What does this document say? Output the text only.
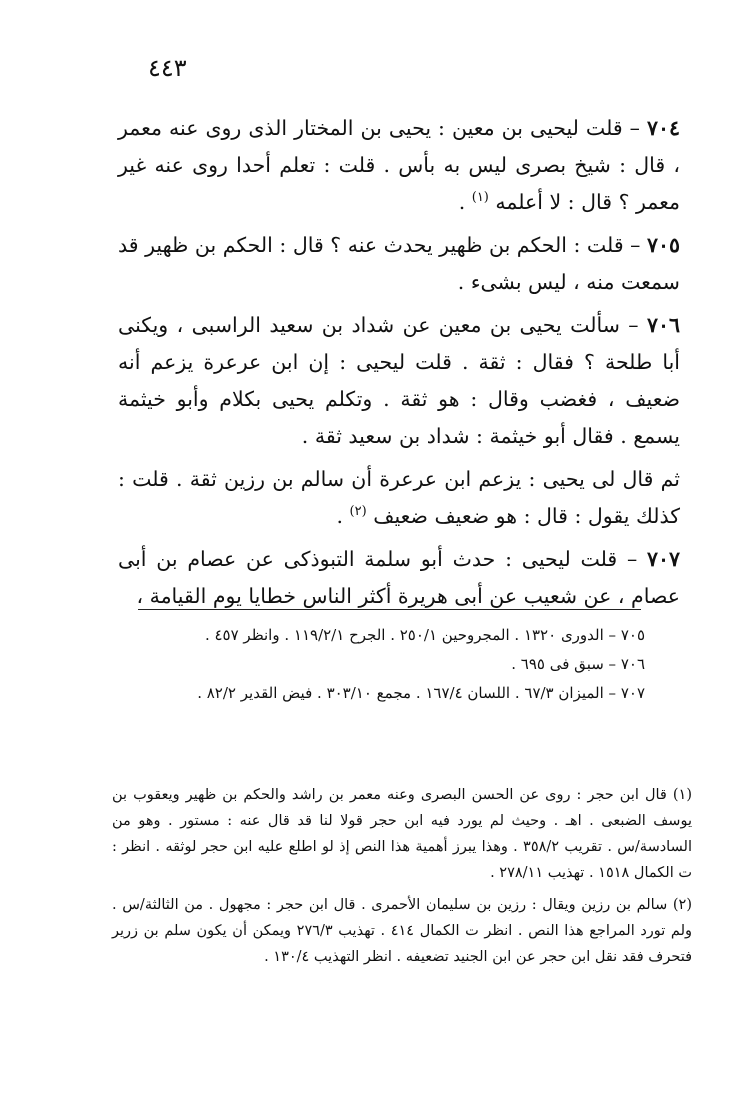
٤٤٣

٧٠٤ – قلت ليحيى بن معين : يحيى بن المختار الذى روى عنه معمر ، قال : شيخ بصرى ليس به بأس . قلت : تعلم أحدا روى عنه غير معمر ؟ قال : لا أعلمه $^{(١)}$ .

٧٠٥ – قلت : الحكم بن ظهير يحدث عنه ؟ قال : الحكم بن ظهير قد سمعت منه ، ليس بشىء .

٧٠٦ – سألت يحيى بن معين عن شداد بن سعيد الراسبى ، ويكنى أبا طلحة ؟ فقال : ثقة . قلت ليحيى : إن ابن عرعرة يزعم أنه ضعيف ، فغضب وقال : هو ثقة . وتكلم يحيى بكلام وأبو خيثمة يسمع . فقال أبو خيثمة : شداد بن سعيد ثقة .

ثم قال لى يحيى : يزعم ابن عرعرة أن سالم بن رزين ثقة . قلت : كذلك يقول : قال : هو ضعيف ضعيف $^{(٢)}$ .

٧٠٧ – قلت ليحيى : حدث أبو سلمة التبوذكى عن عصام بن أبى عصام ، عن شعيب عن أبى هريرة أكثر الناس خطايا يوم القيامة ،

٧٠٥ – الدورى ١٣٢٠ . المجروحين ٢٥٠/١ . الجرح ١١٩/٢/١ . وانظر ٤٥٧ .

٧٠٦ – سبق فى ٦٩٥ .

٧٠٧ – الميزان ٦٧/٣ . اللسان ١٦٧/٤ . مجمع ٣٠٣/١٠ . فيض القدير ٨٢/٢ .

(١) قال ابن حجر : روى عن الحسن البصرى وعنه معمر بن راشد والحكم بن ظهير ويعقوب بن يوسف الضبعى . اهـ . وحيث لم يورد فيه ابن حجر قولا لنا قد قال عنه : مستور . وهو من السادسة/س . تقريب ٣٥٨/٢ . وهذا يبرز أهمية هذا النص إذ لو اطلع عليه ابن حجر لوثقه . انظر : ت الكمال ١٥١٨ . تهذيب ٢٧٨/١١ .

(٢) سالم بن رزين ويقال : رزين بن سليمان الأحمرى . قال ابن حجر : مجهول . من الثالثة/س . ولم تورد المراجع هذا النص . انظر ت الكمال ٤١٤ . تهذيب ٢٧٦/٣ ويمكن أن يكون سلم بن زرير فتحرف فقد نقل ابن حجر عن ابن الجنيد تضعيفه . انظر التهذيب ١٣٠/٤ .
